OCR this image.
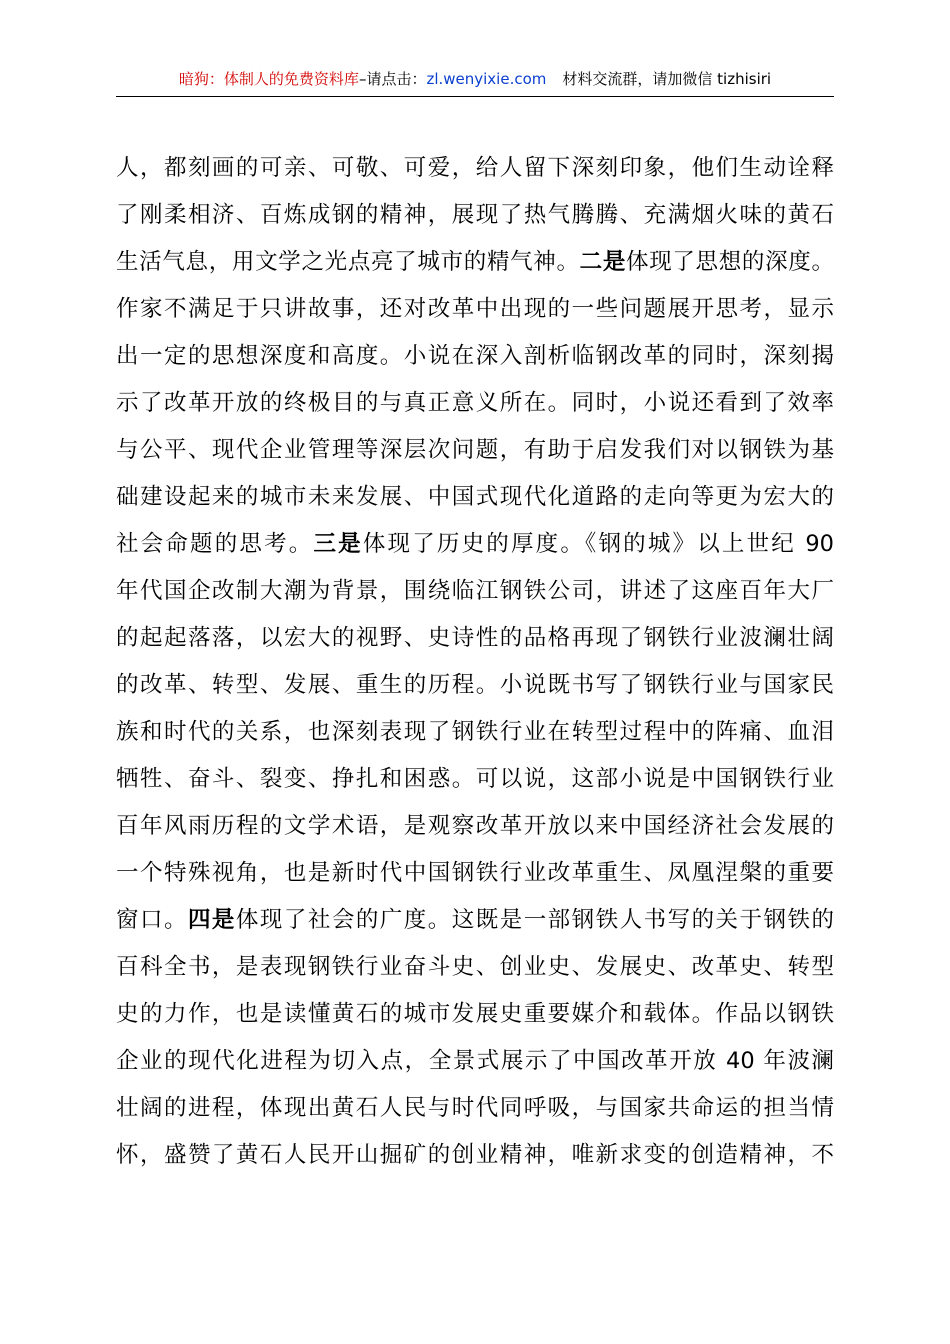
暗狗：体制人的免费资料库 –请点击： zl.wenyixie.com 材料交流群，请加微信 tizhisiri
人，都刻画的可亲、可敬、可爱，给人留下深刻印象，他们生动诠释
了刚柔相济、百炼成钢的精神，展现了热气腾腾、充满烟火味的黄石
生活气息，用文学之光点亮了城市的精气神。二是体现了思想的深度。
作家不满足于只讲故事，还对改革中出现的一些问题展开思考，显示
出一定的思想深度和高度。小说在深入剖析临钢改革的同时，深刻揭
示了改革开放的终极目的与真正意义所在。同时，小说还看到了效率
与公平、现代企业管理等深层次问题，有助于启发我们对以钢铁为基
础建设起来的城市未来发展、中国式现代化道路的走向等更为宏大的
社会命题的思考。三是体现了历史的厚度。《钢的城》以上世纪 90
年代国企改制大潮为背景，围绕临江钢铁公司，讲述了这座百年大厂
的起起落落，以宏大的视野、史诗性的品格再现了钢铁行业波澜壮阔
的改革、转型、发展、重生的历程。小说既书写了钢铁行业与国家民
族和时代的关系，也深刻表现了钢铁行业在转型过程中的阵痛、血泪
牺牲、奋斗、裂变、挣扎和困惑。可以说，这部小说是中国钢铁行业
百年风雨历程的文学术语，是观察改革开放以来中国经济社会发展的
一个特殊视角，也是新时代中国钢铁行业改革重生、凤凰涅槃的重要
窗口。四是体现了社会的广度。这既是一部钢铁人书写的关于钢铁的
百科全书，是表现钢铁行业奋斗史、创业史、发展史、改革史、转型
史的力作，也是读懂黄石的城市发展史重要媒介和载体。作品以钢铁
企业的现代化进程为切入点，全景式展示了中国改革开放 40 年波澜
壮阔的进程，体现出黄石人民与时代同呼吸，与国家共命运的担当情
怀，盛赞了黄石人民开山掘矿的创业精神，唯新求变的创造精神，不
